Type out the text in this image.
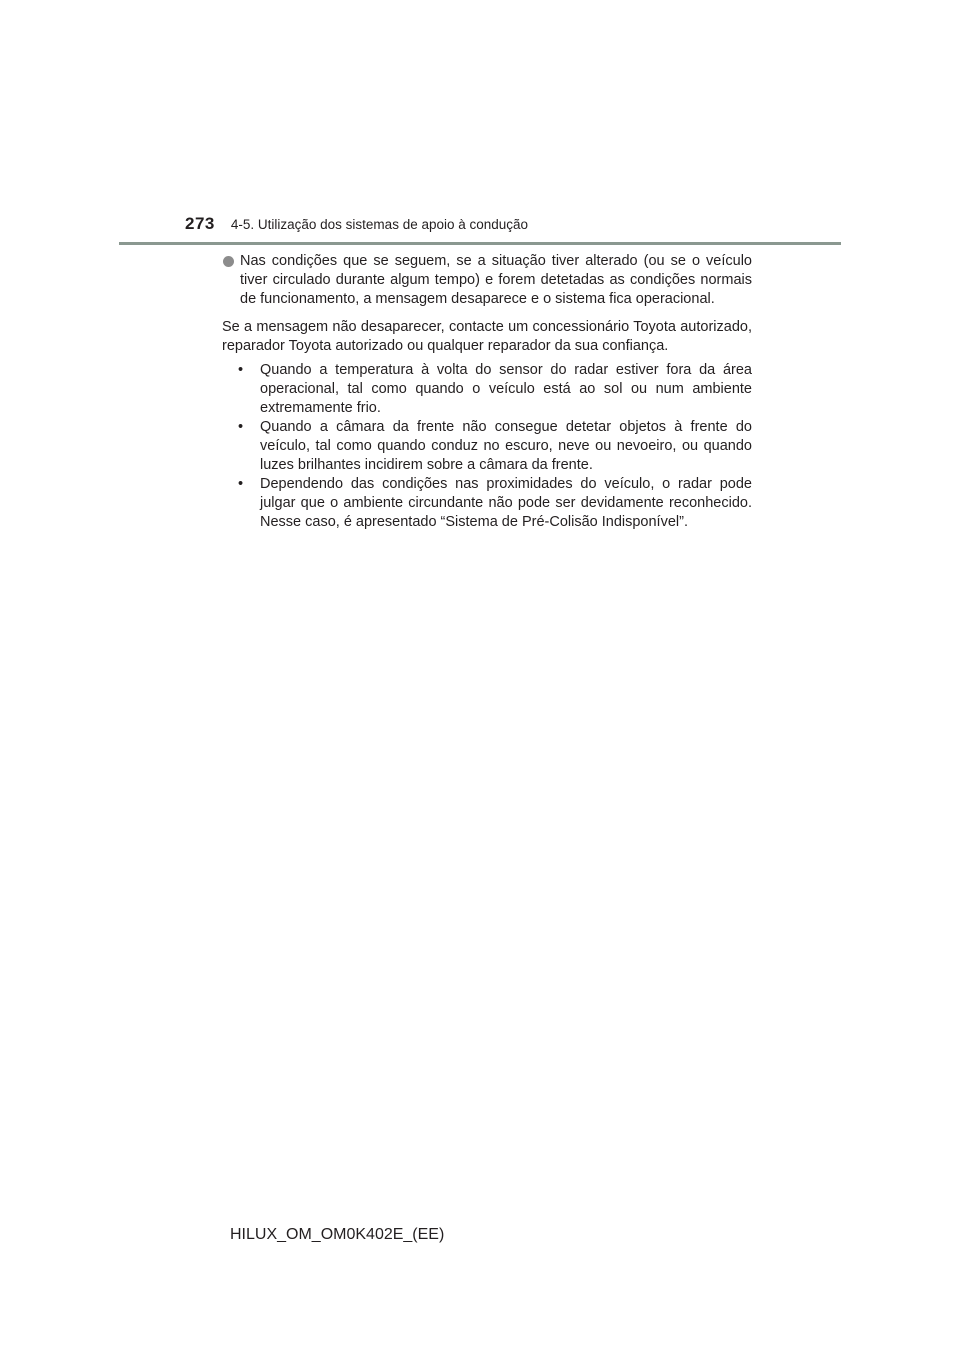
273 4-5. Utilização dos sistemas de apoio à condução
Nas condições que se seguem, se a situação tiver alterado (ou se o veículo tiver circulado durante algum tempo) e forem detetadas as condições normais de funcionamento, a mensagem desaparece e o sistema fica operacional.
Se a mensagem não desaparecer, contacte um concessionário Toyota autorizado, reparador Toyota autorizado ou qualquer reparador da sua confiança.
• Quando a temperatura à volta do sensor do radar estiver fora da área operacional, tal como quando o veículo está ao sol ou num ambiente extremamente frio.
• Quando a câmara da frente não consegue detetar objetos à frente do veículo, tal como quando conduz no escuro, neve ou nevoeiro, ou quando luzes brilhantes incidirem sobre a câmara da frente.
• Dependendo das condições nas proximidades do veículo, o radar pode julgar que o ambiente circundante não pode ser devidamente reconhecido. Nesse caso, é apresentado “Sistema de Pré-Colisão Indisponível”.
HILUX_OM_OM0K402E_(EE)
